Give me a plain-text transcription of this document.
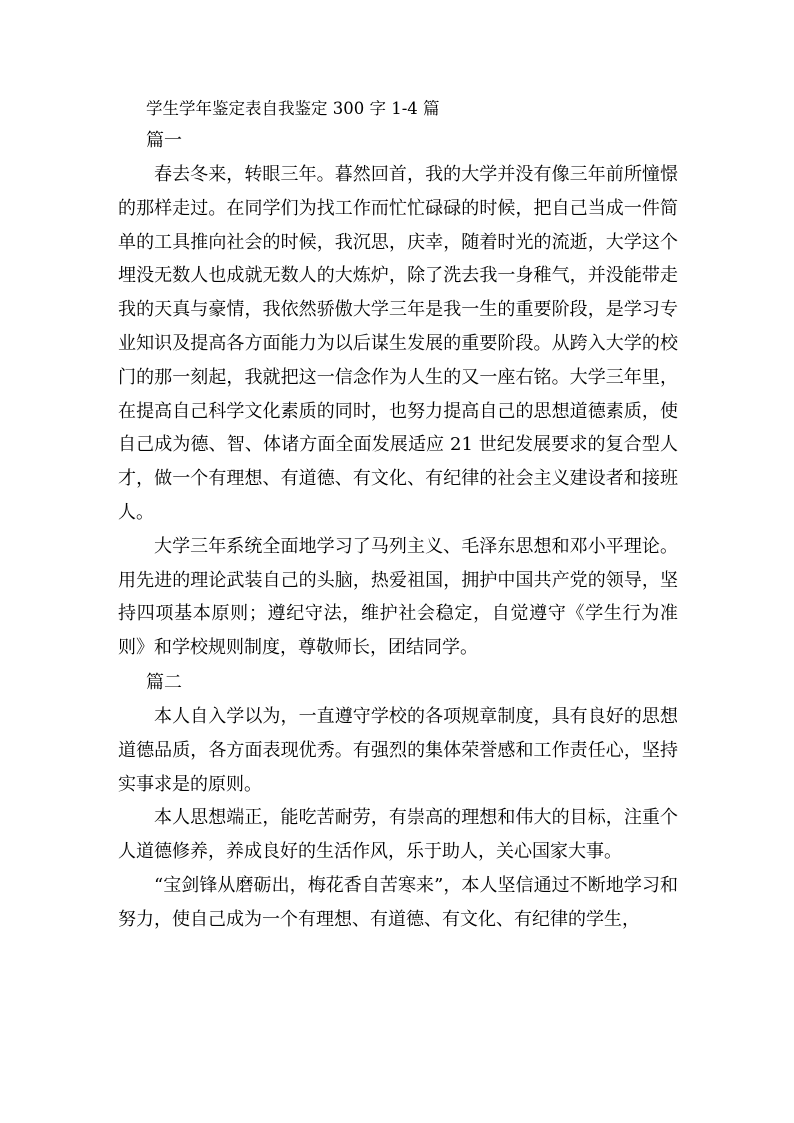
学生学年鉴定表自我鉴定 300 字 1-4 篇
篇一

春去冬来，转眼三年。暮然回首，我的大学并没有像三年前所憧憬的那样走过。在同学们为找工作而忙忙碌碌的时候，把自己当成一件简单的工具推向社会的时候，我沉思，庆幸，随着时光的流逝，大学这个埋没无数人也成就无数人的大炼炉，除了洗去我一身稚气，并没能带走我的天真与豪情，我依然骄傲大学三年是我一生的重要阶段，是学习专业知识及提高各方面能力为以后谋生发展的重要阶段。从跨入大学的校门的那一刻起，我就把这一信念作为人生的又一座右铭。大学三年里，在提高自己科学文化素质的同时，也努力提高自己的思想道德素质，使自己成为德、智、体诸方面全面发展适应 21 世纪发展要求的复合型人才，做一个有理想、有道德、有文化、有纪律的社会主义建设者和接班人。

大学三年系统全面地学习了马列主义、毛泽东思想和邓小平理论。用先进的理论武装自己的头脑，热爱祖国，拥护中国共产党的领导，坚持四项基本原则；遵纪守法，维护社会稳定，自觉遵守《学生行为准则》和学校规则制度，尊敬师长，团结同学。

篇二

本人自入学以为，一直遵守学校的各项规章制度，具有良好的思想道德品质，各方面表现优秀。有强烈的集体荣誉感和工作责任心，坚持实事求是的原则。

本人思想端正，能吃苦耐劳，有崇高的理想和伟大的目标，注重个人道德修养，养成良好的生活作风，乐于助人，关心国家大事。

“宝剑锋从磨砺出，梅花香自苦寒来”，本人坚信通过不断地学习和努力，使自己成为一个有理想、有道德、有文化、有纪律的学生，
